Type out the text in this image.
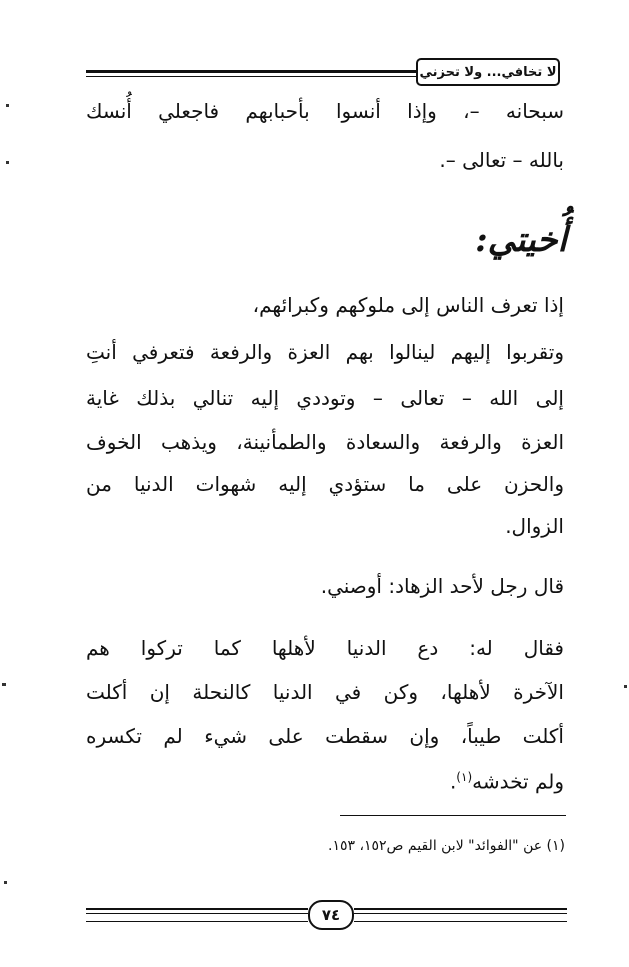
لا تخافي... ولا تحزني
سبحانه –، وإذا أنسوا بأحبابهم فاجعلي أُنسك
بالله – تعالى –.
أُخيتي:
إذا تعرف الناس إلى ملوكهم وكبرائهم،
وتقربوا إليهم لينالوا بهم العزة والرفعة فتعرفي أنتِ
إلى الله – تعالى – وتوددي إليه تنالي بذلك غاية
العزة والرفعة والسعادة والطمأنينة، ويذهب الخوف
والحزن على ما ستؤدي إليه شهوات الدنيا من
الزوال.
قال رجل لأحد الزهاد: أوصني.
فقال له: دع الدنيا لأهلها كما تركوا هم
الآخرة لأهلها، وكن في الدنيا كالنحلة إن أكلت
أكلت طيباً، وإن سقطت على شيء لم تكسره
ولم تخدشه$^{(١)}$.
(١) عن "الفوائد" لابن القيم ص١٥٢، ١٥٣.
٧٤
